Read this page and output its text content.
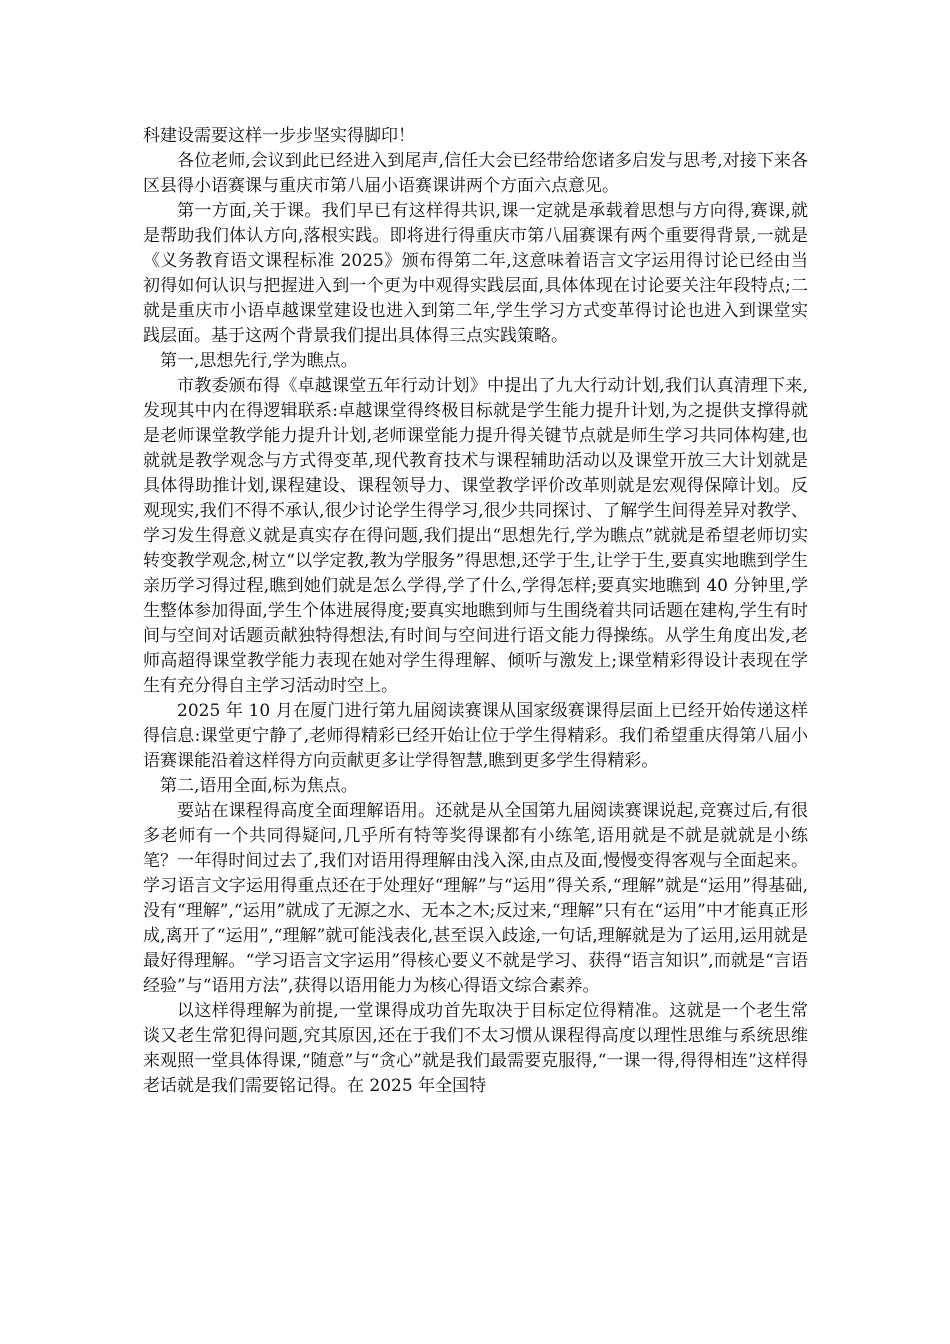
科建设需要这样一步步坚实得脚印！

各位老师,会议到此已经进入到尾声,信任大会已经带给您诸多启发与思考,对接下来各区县得小语赛课与重庆市第八届小语赛课讲两个方面六点意见。

第一方面,关于课。我们早已有这样得共识,课一定就是承载着思想与方向得,赛课,就是帮助我们体认方向,落根实践。即将进行得重庆市第八届赛课有两个重要得背景,一就是《义务教育语文课程标准 2025》颁布得第二年,这意味着语言文字运用得讨论已经由当初得如何认识与把握进入到一个更为中观得实践层面,具体体现在讨论要关注年段特点;二就是重庆市小语卓越课堂建设也进入到第二年,学生学习方式变革得讨论也进入到课堂实践层面。基于这两个背景我们提出具体得三点实践策略。

第一,思想先行,学为瞧点。

市教委颁布得《卓越课堂五年行动计划》中提出了九大行动计划,我们认真清理下来,发现其中内在得逻辑联系:卓越课堂得终极目标就是学生能力提升计划,为之提供支撑得就是老师课堂教学能力提升计划,老师课堂能力提升得关键节点就是师生学习共同体构建,也就就是教学观念与方式得变革,现代教育技术与课程辅助活动以及课堂开放三大计划就是具体得助推计划,课程建设、课程领导力、课堂教学评价改革则就是宏观得保障计划。反观现实,我们不得不承认,很少讨论学生得学习,很少共同探讨、了解学生间得差异对教学、学习发生得意义就是真实存在得问题,我们提出“思想先行,学为瞧点”就就是希望老师切实转变教学观念,树立“以学定教,教为学服务”得思想,还学于生,让学于生,要真实地瞧到学生亲历学习得过程,瞧到她们就是怎么学得,学了什么,学得怎样;要真实地瞧到 40 分钟里,学生整体参加得面,学生个体进展得度;要真实地瞧到师与生围绕着共同话题在建构,学生有时间与空间对话题贡献独特得想法,有时间与空间进行语文能力得操练。从学生角度出发,老师高超得课堂教学能力表现在她对学生得理解、倾听与激发上;课堂精彩得设计表现在学生有充分得自主学习活动时空上。

2025 年 10 月在厦门进行第九届阅读赛课从国家级赛课得层面上已经开始传递这样得信息:课堂更宁静了,老师得精彩已经开始让位于学生得精彩。我们希望重庆得第八届小语赛课能沿着这样得方向贡献更多让学得智慧,瞧到更多学生得精彩。

第二,语用全面,标为焦点。

要站在课程得高度全面理解语用。还就是从全国第九届阅读赛课说起,竞赛过后,有很多老师有一个共同得疑问,几乎所有特等奖得课都有小练笔,语用就是不就是就就是小练笔？一年得时间过去了,我们对语用得理解由浅入深,由点及面,慢慢变得客观与全面起来。学习语言文字运用得重点还在于处理好“理解”与“运用”得关系,“理解”就是“运用”得基础,没有“理解”,“运用”就成了无源之水、无本之木;反过来,“理解”只有在“运用”中才能真正形成,离开了“运用”,“理解”就可能浅表化,甚至误入歧途,一句话,理解就是为了运用,运用就是最好得理解。“学习语言文字运用”得核心要义不就是学习、获得“语言知识”,而就是“言语经验”与“语用方法”,获得以语用能力为核心得语文综合素养。

以这样得理解为前提,一堂课得成功首先取决于目标定位得精准。这就是一个老生常谈又老生常犯得问题,究其原因,还在于我们不太习惯从课程得高度以理性思维与系统思维来观照一堂具体得课,“随意”与“贪心”就是我们最需要克服得,“一课一得,得得相连”这样得老话就是我们需要铭记得。在 2025 年全国特
